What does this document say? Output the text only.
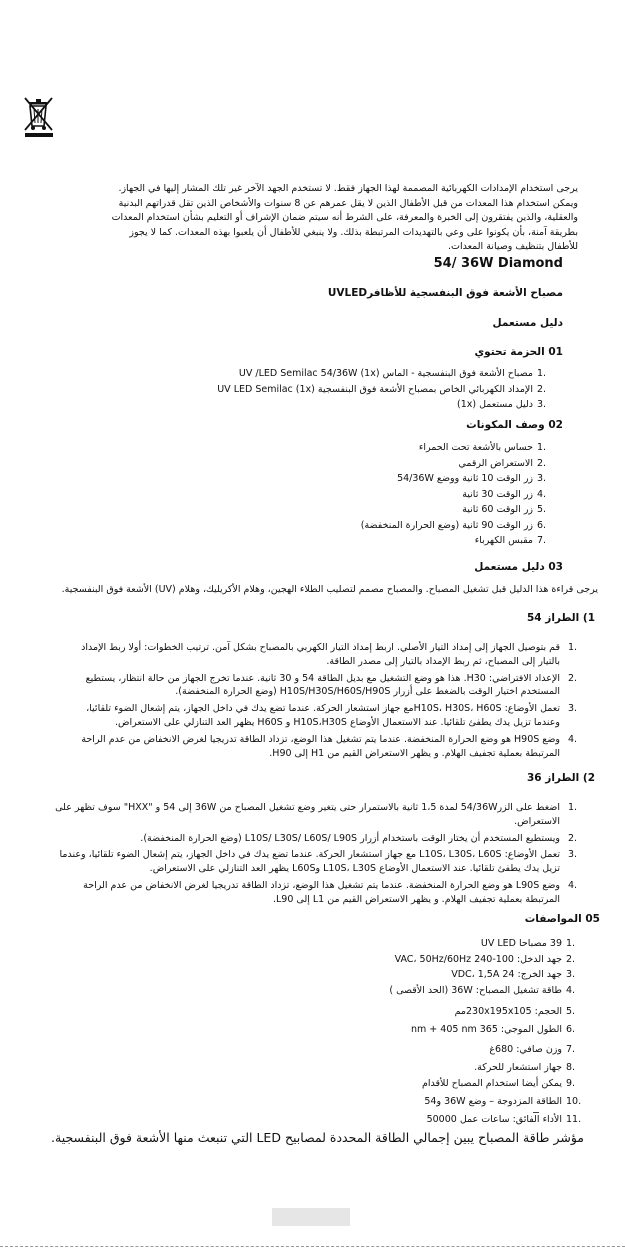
يرجى استخدام الإمدادات الكهربائية المصممة لهذا الجهاز فقط. لا تستخدم الجهد الآخر غير تلك المشار إليها في الجهاز. ويمكن استخدام هذا المعدات من قبل الأطفال الذين لا يقل عمرهم عن 8 سنوات والأشخاص الذين تقل قدراتهم البدنية والعقلية، والذين يفتقرون إلى الخبرة والمعرفة، على الشرط أنه سيتم ضمان الإشراف أو التعليم بشأن استخدام المعدات بطريقة آمنة، بأن يكونوا على وعي بالتهديدات المرتبطة بذلك. ولا ينبغي للأطفال أن يلعبوا بهذه المعدات. كما لا يجوز للأطفال بتنظيف وصيانة المعدات.
54/ 36W Diamond
مصباح الأشعة فوق البنفسجية للأظافرUVLED
دليل مستعمل
01 الحزمة تحتوي
1.
مصباح الأشعة فوق البنفسجية - الماس UV /LED Semilac 54/36W (1x)
2.
الإمداد الكهربائي الخاص بمصباح الأشعة فوق البنفسجية UV LED Semilac (1x)
3.
دليل مستعمل (1x)
02 وصف المكونات
1.
حساس بالأشعة تحت الحمراء
2.
الاستعراض الرقمي
3.
زر الوقت 10 ثانية ووضع 54/36W
4.
زر الوقت 30 ثانية
5.
زر الوقت 60 ثانية
6.
زر الوقت 90 ثانية (وضع الحرارة المنخفضة)
7.
مقبس الكهرباء
03 دليل مستعمل
يرجى قراءة هذا الدليل قبل تشغيل المصباح. والمصباح مصمم لتصليب الطلاء الهجين، وهلام الأكريليك، وهلام (UV) الأشعة فوق البنفسجية.
1) الطراز 54
1.
قم بتوصيل الجهاز إلى إمداد التيار الأصلي. اربط إمداد التيار الكهربي بالمصباح بشكل آمن. ترتيب الخطوات: أولا ربط الإمداد بالتيار إلى المصباح، ثم ربط الإمداد بالتيار إلى مصدر الطاقة.
2.
الإعداد الافتراضي: H30. هذا هو وضع التشغيل مع بديل الطاقة 54 و 30 ثانية. عندما تخرج الجهاز من حالة انتظار، يستطيع المستخدم اختيار الوقت بالضغط على أزرار H10S/H30S/H60S/H90S (وضع الحرارة المنخفضة).
3.
تعمل الأوضاع: H10S، H30S، H60Sمع جهاز استشعار الحركة. عندما تضع يدك في داخل الجهاز، يتم إشعال الضوء تلقائيا، وعندما تزيل يدك يطفئ تلقائيا. عند الاستعمال الأوضاع H10S،H30S و H60S يظهر العد التنازلي على الاستعراض.
4.
وضع H90S هو وضع الحرارة المنخفضة. عندما يتم تشغيل هذا الوضع، تزداد الطاقة تدريجيا لغرض الانخفاض من عدم الراحة المرتبطة بعملية تجفيف الهلام. و يظهر الاستعراض القيم من H1 إلى H90.
2) الطراز 36
1.
اضغط على الزر54/36W لمدة 1،5 ثانية بالاستمرار حتى يتغير وضع تشغيل المصباح من 36W إلى 54 و "HXX" سوف تظهر على الاستعراض.
2.
ويستطيع المستخدم أن يختار الوقت باستخدام أزرار L10S/ L30S/ L60S/ L90S (وضع الحرارة المنخفضة).
3.
تعمل الأوضاع: L10S، L30S، L60S مع جهاز استشعار الحركة. عندما تضع يدك في داخل الجهاز، يتم إشعال الضوء تلقائيا، وعندما تزيل يدك يطفئ تلقائيا. عند الاستعمال الأوضاع L10S، L30S وL60S يظهر العد التنازلي على الاستعراض.
4.
وضع L90S هو وضع الحرارة المنخفضة. عندما يتم تشغيل هذا الوضع، تزداد الطاقة تدريجيا لغرض الانخفاض من عدم الراحة المرتبطة بعملية تجفيف الهلام. و يظهر الاستعراض القيم من L1 إلى L90.
05 المواصفات
1.
39 مصباحا UV LED
2.
جهد الدخل: 100-240 VAC، 50Hz/60Hz
3.
جهد الخرج: 24 VDC، 1,5A
4.
طاقة تشغيل المصباح: 36W (الحد الأقصى )
5.
الحجم: 230x195x105مم
6.
الطول الموجي: 365 nm + 405 nm
7.
وزن صافي: 680غ
8.
جهاز استشعار للحركة.
9.
يمكن أيضا استخدام المصباح للأقدام
10.
الطاقة المزدوجة – وضع 36W و54
11.
الأداء الفائق: ساعات عمل 50000
مؤشر طاقة المصباح يبين إجمالي الطاقة المحددة لمصابيح LED التي تنبعث منها الأشعة فوق البنفسجية.
